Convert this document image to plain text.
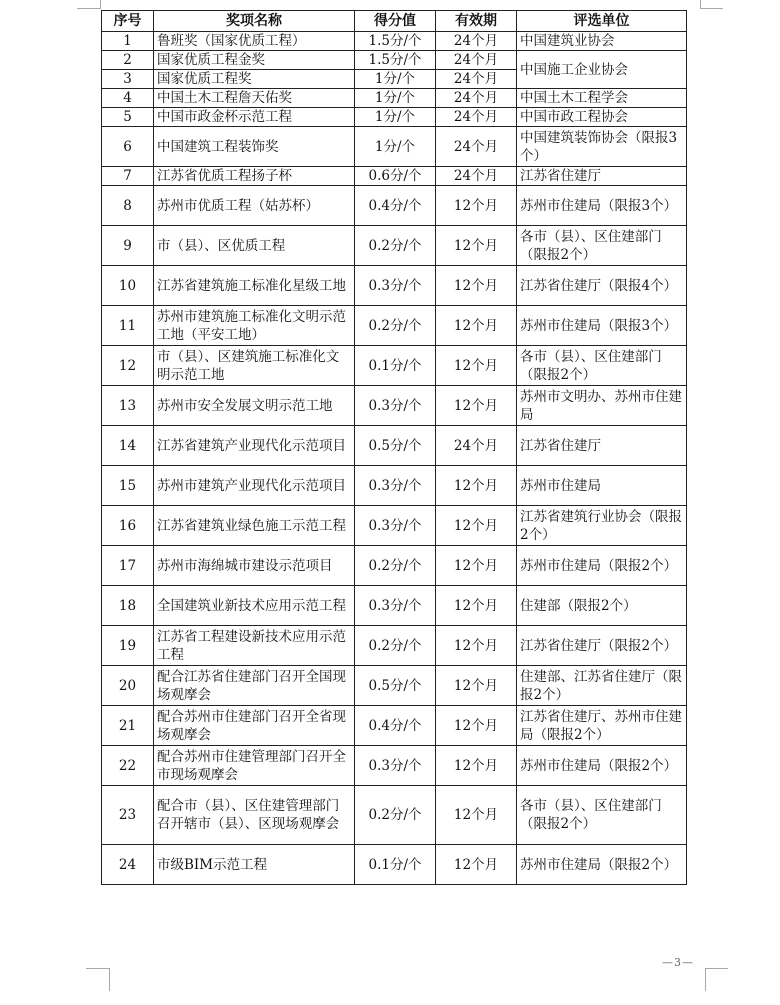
序号	奖项名称	得分值	有效期	评选单位
1	鲁班奖（国家优质工程）	1.5分/个	24个月	中国建筑业协会
2	国家优质工程金奖	1.5分/个	24个月	中国施工企业协会
3	国家优质工程奖	1分/个	24个月	
4	中国土木工程詹天佑奖	1分/个	24个月	中国土木工程学会
5	中国市政金杯示范工程	1分/个	24个月	中国市政工程协会
6	中国建筑工程装饰奖	1分/个	24个月	中国建筑装饰协会（限报3个）
7	江苏省优质工程扬子杯	0.6分/个	24个月	江苏省住建厅
8	苏州市优质工程（姑苏杯）	0.4分/个	12个月	苏州市住建局（限报3个）
9	市（县）、区优质工程	0.2分/个	12个月	各市（县）、区住建部门（限报2个）
10	江苏省建筑施工标准化星级工地	0.3分/个	12个月	江苏省住建厅（限报4个）
11	苏州市建筑施工标准化文明示范工地（平安工地）	0.2分/个	12个月	苏州市住建局（限报3个）
12	市（县）、区建筑施工标准化文明示范工地	0.1分/个	12个月	各市（县）、区住建部门（限报2个）
13	苏州市安全发展文明示范工地	0.3分/个	12个月	苏州市文明办、苏州市住建局
14	江苏省建筑产业现代化示范项目	0.5分/个	24个月	江苏省住建厅
15	苏州市建筑产业现代化示范项目	0.3分/个	12个月	苏州市住建局
16	江苏省建筑业绿色施工示范工程	0.3分/个	12个月	江苏省建筑行业协会（限报2个）
17	苏州市海绵城市建设示范项目	0.2分/个	12个月	苏州市住建局（限报2个）
18	全国建筑业新技术应用示范工程	0.3分/个	12个月	住建部（限报2个）
19	江苏省工程建设新技术应用示范工程	0.2分/个	12个月	江苏省住建厅（限报2个）
20	配合江苏省住建部门召开全国现场观摩会	0.5分/个	12个月	住建部、江苏省住建厅（限报2个）
21	配合苏州市住建部门召开全省现场观摩会	0.4分/个	12个月	江苏省住建厅、苏州市住建局（限报2个）
22	配合苏州市住建管理部门召开全市现场观摩会	0.3分/个	12个月	苏州市住建局（限报2个）
23	配合市（县）、区住建管理部门召开辖市（县）、区现场观摩会	0.2分/个	12个月	各市（县）、区住建部门（限报2个）
24	市级BIM示范工程	0.1分/个	12个月	苏州市住建局（限报2个）
—3—
